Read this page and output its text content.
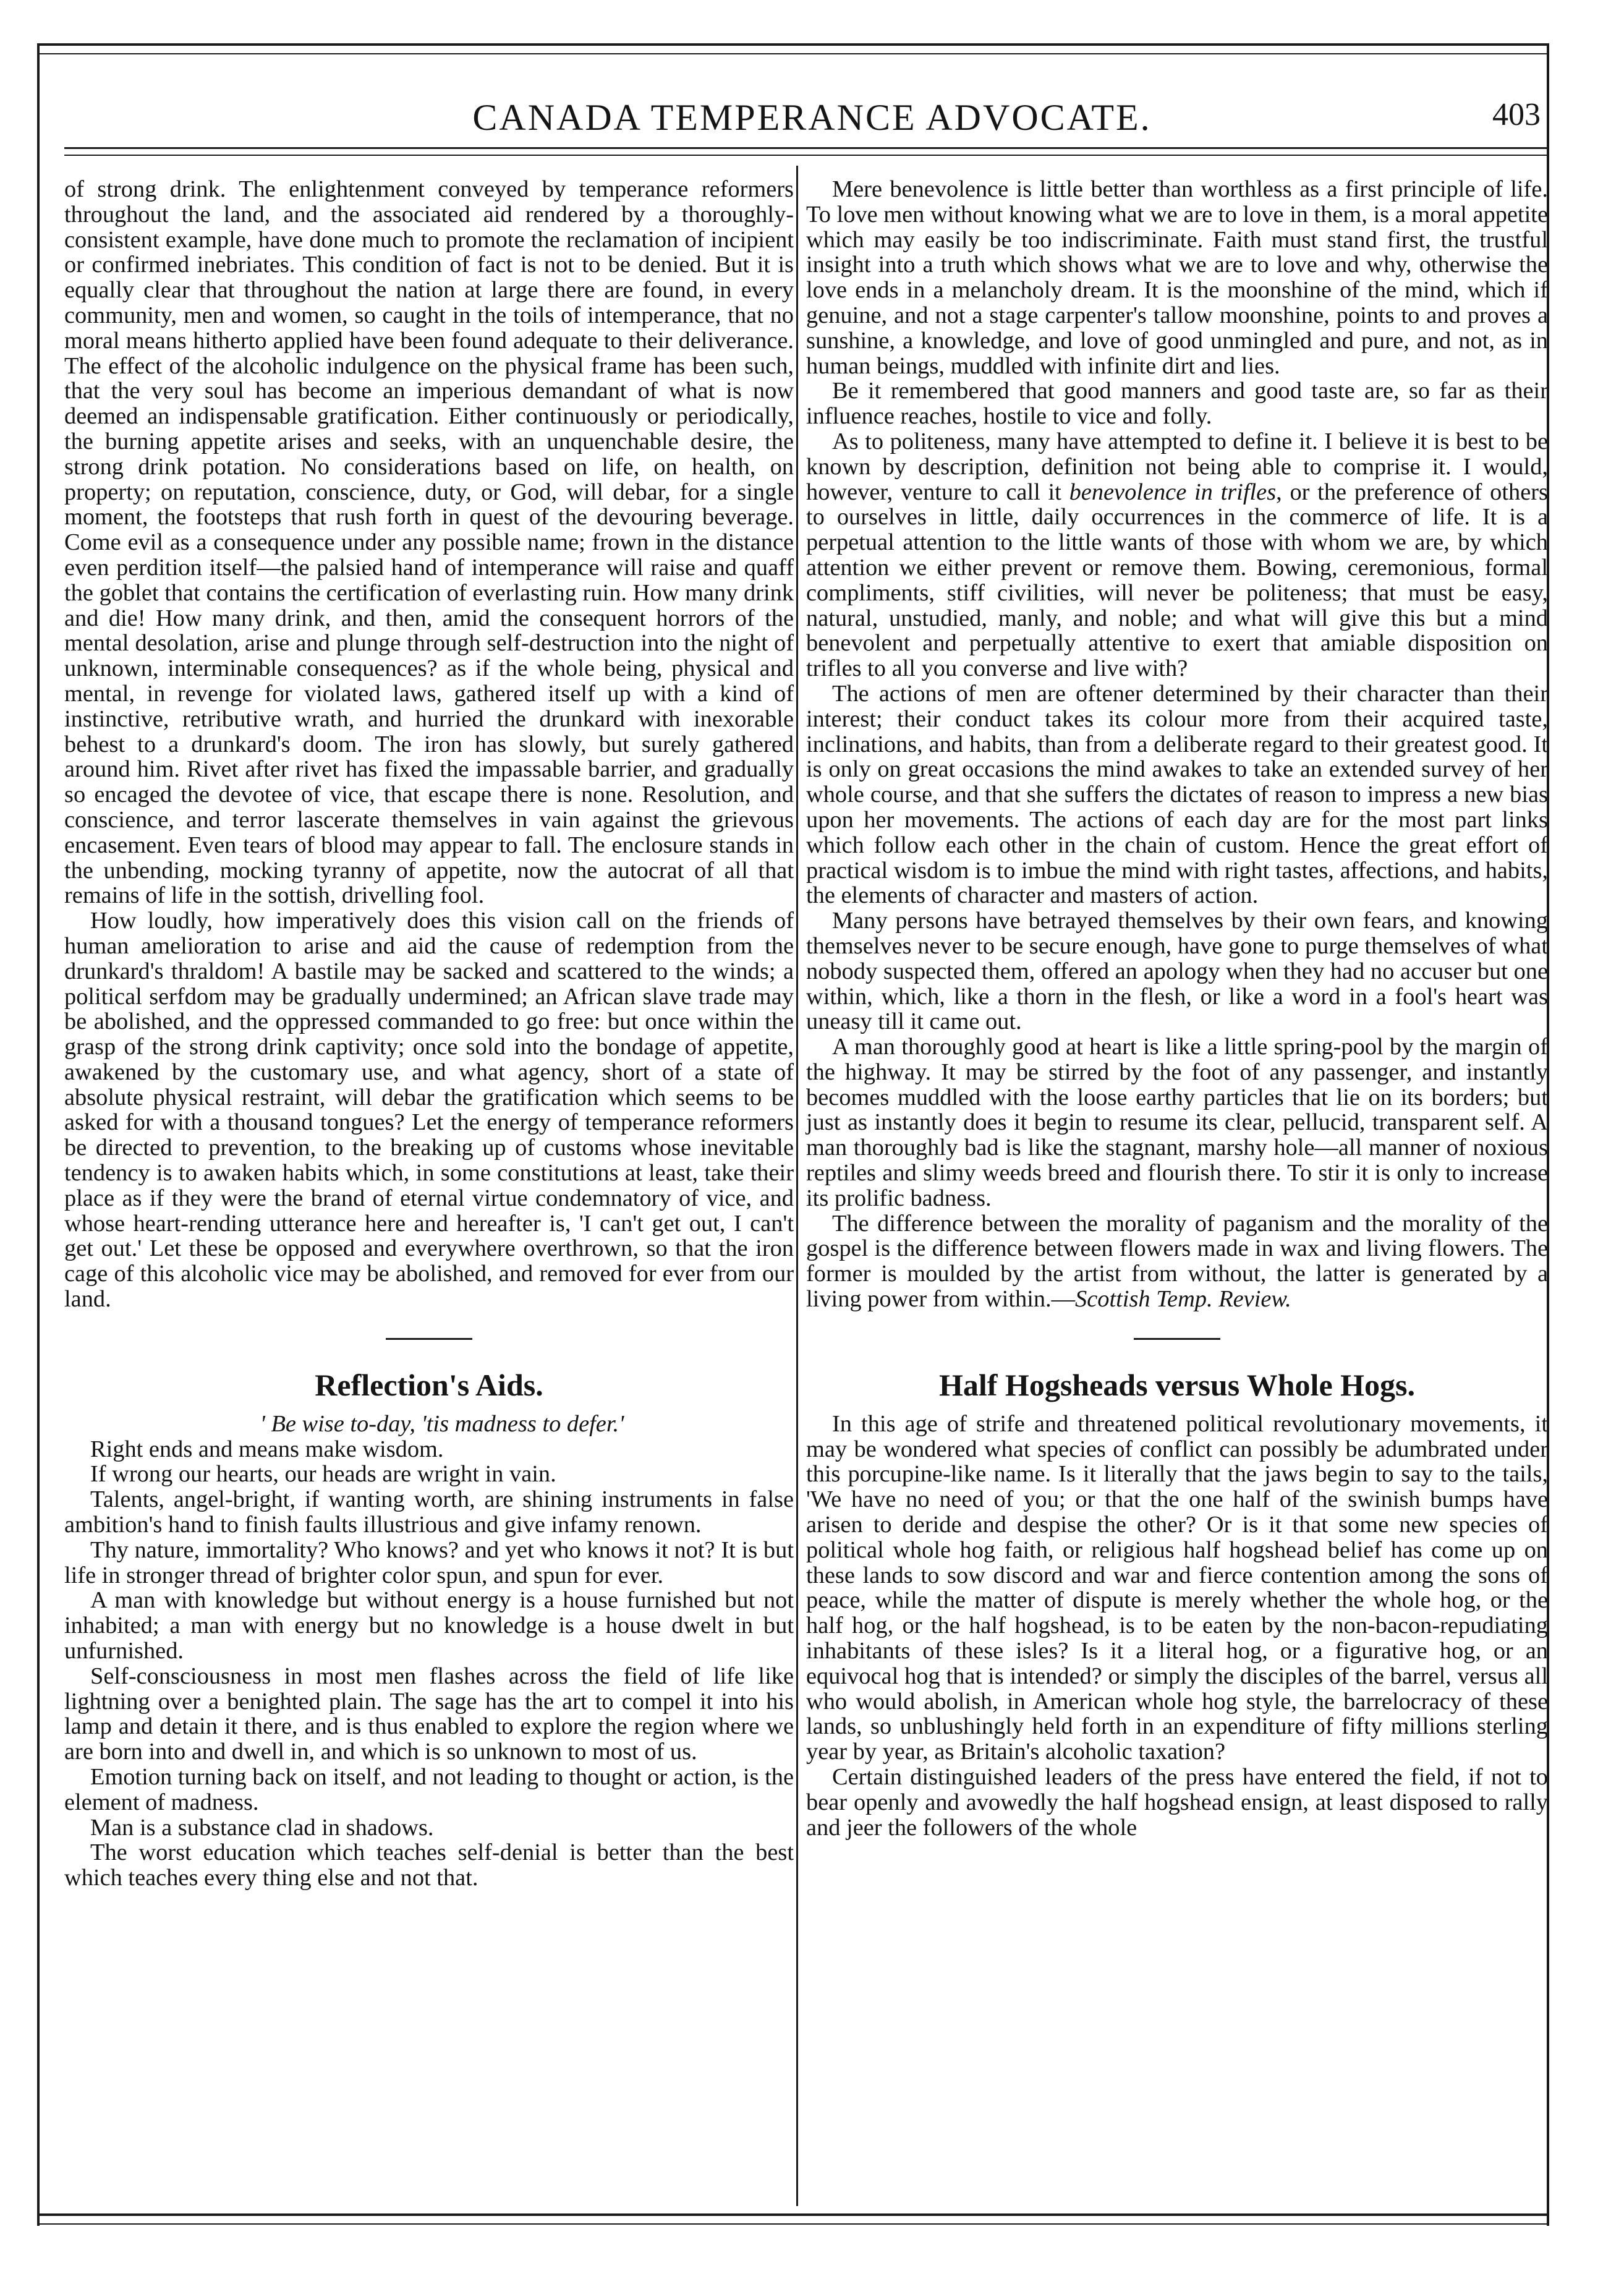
CANADA TEMPERANCE ADVOCATE.	403

of strong drink. The enlightenment conveyed by temperance reformers throughout the land, and the associated aid rendered by a thoroughly-consistent example, have done much to promote the reclamation of incipient or confirmed inebriates. This condition of fact is not to be denied. But it is equally clear that throughout the nation at large there are found, in every community, men and women, so caught in the toils of intemperance, that no moral means hitherto applied have been found adequate to their deliverance. The effect of the alcoholic indulgence on the physical frame has been such, that the very soul has become an imperious demandant of what is now deemed an indispensable gratification. Either continuously or periodically, the burning appetite arises and seeks, with an unquenchable desire, the strong drink potation. No considerations based on life, on health, on property; on reputation, conscience, duty, or God, will debar, for a single moment, the footsteps that rush forth in quest of the devouring beverage. Come evil as a consequence under any possible name; frown in the distance even perdition itself—the palsied hand of intemperance will raise and quaff the goblet that contains the certification of everlasting ruin. How many drink and die! How many drink, and then, amid the consequent horrors of the mental desolation, arise and plunge through self-destruction into the night of unknown, interminable consequences? as if the whole being, physical and mental, in revenge for violated laws, gathered itself up with a kind of instinctive, retributive wrath, and hurried the drunkard with inexorable behest to a drunkard's doom. The iron has slowly, but surely gathered around him. Rivet after rivet has fixed the impassable barrier, and gradually so encaged the devotee of vice, that escape there is none. Resolution, and conscience, and terror lascerate themselves in vain against the grievous encasement. Even tears of blood may appear to fall. The enclosure stands in the unbending, mocking tyranny of appetite, now the autocrat of all that remains of life in the sottish, drivelling fool.

How loudly, how imperatively does this vision call on the friends of human amelioration to arise and aid the cause of redemption from the drunkard's thraldom! A bastile may be sacked and scattered to the winds; a political serfdom may be gradually undermined; an African slave trade may be abolished, and the oppressed commanded to go free: but once within the grasp of the strong drink captivity; once sold into the bondage of appetite, awakened by the customary use, and what agency, short of a state of absolute physical restraint, will debar the gratification which seems to be asked for with a thousand tongues? Let the energy of temperance reformers be directed to prevention, to the breaking up of customs whose inevitable tendency is to awaken habits which, in some constitutions at least, take their place as if they were the brand of eternal virtue condemnatory of vice, and whose heart-rending utterance here and hereafter is, 'I can't get out, I can't get out.' Let these be opposed and everywhere overthrown, so that the iron cage of this alcoholic vice may be abolished, and removed for ever from our land.

Reflection's Aids.

' Be wise to-day, 'tis madness to defer.'

Right ends and means make wisdom.

If wrong our hearts, our heads are wright in vain.

Talents, angel-bright, if wanting worth, are shining instruments in false ambition's hand to finish faults illustrious and give infamy renown.

Thy nature, immortality? Who knows? and yet who knows it not? It is but life in stronger thread of brighter color spun, and spun for ever.

A man with knowledge but without energy is a house furnished but not inhabited; a man with energy but no knowledge is a house dwelt in but unfurnished.

Self-consciousness in most men flashes across the field of life like lightning over a benighted plain. The sage has the art to compel it into his lamp and detain it there, and is thus enabled to explore the region where we are born into and dwell in, and which is so unknown to most of us.

Emotion turning back on itself, and not leading to thought or action, is the element of madness.

Man is a substance clad in shadows.

The worst education which teaches self-denial is better than the best which teaches every thing else and not that.

Mere benevolence is little better than worthless as a first principle of life. To love men without knowing what we are to love in them, is a moral appetite which may easily be too indiscriminate. Faith must stand first, the trustful insight into a truth which shows what we are to love and why, otherwise the love ends in a melancholy dream. It is the moonshine of the mind, which if genuine, and not a stage carpenter's tallow moonshine, points to and proves a sunshine, a knowledge, and love of good unmingled and pure, and not, as in human beings, muddled with infinite dirt and lies.

Be it remembered that good manners and good taste are, so far as their influence reaches, hostile to vice and folly.

As to politeness, many have attempted to define it. I believe it is best to be known by description, definition not being able to comprise it. I would, however, venture to call it benevolence in trifles, or the preference of others to ourselves in little, daily occurrences in the commerce of life. It is a perpetual attention to the little wants of those with whom we are, by which attention we either prevent or remove them. Bowing, ceremonious, formal compliments, stiff civilities, will never be politeness; that must be easy, natural, unstudied, manly, and noble; and what will give this but a mind benevolent and perpetually attentive to exert that amiable disposition on trifles to all you converse and live with?

The actions of men are oftener determined by their character than their interest; their conduct takes its colour more from their acquired taste, inclinations, and habits, than from a deliberate regard to their greatest good. It is only on great occasions the mind awakes to take an extended survey of her whole course, and that she suffers the dictates of reason to impress a new bias upon her movements. The actions of each day are for the most part links which follow each other in the chain of custom. Hence the great effort of practical wisdom is to imbue the mind with right tastes, affections, and habits, the elements of character and masters of action.

Many persons have betrayed themselves by their own fears, and knowing themselves never to be secure enough, have gone to purge themselves of what nobody suspected them, offered an apology when they had no accuser but one within, which, like a thorn in the flesh, or like a word in a fool's heart was uneasy till it came out.

A man thoroughly good at heart is like a little spring-pool by the margin of the highway. It may be stirred by the foot of any passenger, and instantly becomes muddled with the loose earthy particles that lie on its borders; but just as instantly does it begin to resume its clear, pellucid, transparent self. A man thoroughly bad is like the stagnant, marshy hole—all manner of noxious reptiles and slimy weeds breed and flourish there. To stir it is only to increase its prolific badness.

The difference between the morality of paganism and the morality of the gospel is the difference between flowers made in wax and living flowers. The former is moulded by the artist from without, the latter is generated by a living power from within.—Scottish Temp. Review.

Half Hogsheads versus Whole Hogs.

In this age of strife and threatened political revolutionary movements, it may be wondered what species of conflict can possibly be adumbrated under this porcupine-like name. Is it literally that the jaws begin to say to the tails, 'We have no need of you; or that the one half of the swinish bumps have arisen to deride and despise the other? Or is it that some new species of political whole hog faith, or religious half hogshead belief has come up on these lands to sow discord and war and fierce contention among the sons of peace, while the matter of dispute is merely whether the whole hog, or the half hog, or the half hogshead, is to be eaten by the non-bacon-repudiating inhabitants of these isles? Is it a literal hog, or a figurative hog, or an equivocal hog that is intended? or simply the disciples of the barrel, versus all who would abolish, in American whole hog style, the barrelocracy of these lands, so unblushingly held forth in an expenditure of fifty millions sterling year by year, as Britain's alcoholic taxation?

Certain distinguished leaders of the press have entered the field, if not to bear openly and avowedly the half hogshead ensign, at least disposed to rally and jeer the followers of the whole
